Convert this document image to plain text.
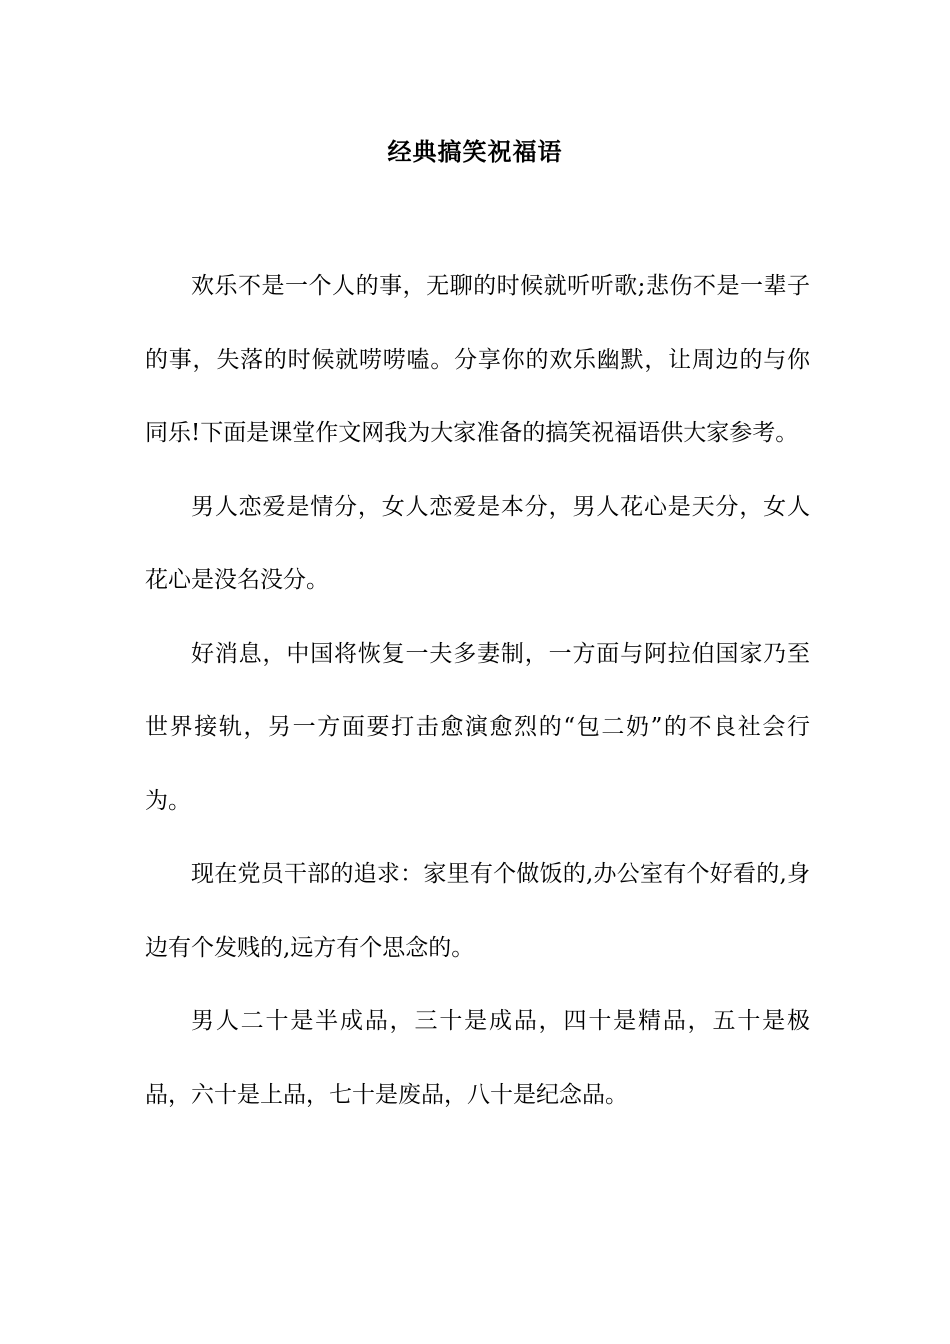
经典搞笑祝福语

欢乐不是一个人的事，无聊的时候就听听歌;悲伤不是一辈子的事，失落的时候就唠唠嗑。分享你的欢乐幽默，让周边的与你同乐!下面是课堂作文网我为大家准备的搞笑祝福语供大家参考。

男人恋爱是情分，女人恋爱是本分，男人花心是天分，女人花心是没名没分。

好消息，中国将恢复一夫多妻制，一方面与阿拉伯国家乃至世界接轨，另一方面要打击愈演愈烈的“包二奶”的不良社会行为。

现在党员干部的追求：家里有个做饭的,办公室有个好看的,身边有个发贱的,远方有个思念的。

男人二十是半成品，三十是成品，四十是精品，五十是极品，六十是上品，七十是废品，八十是纪念品。
